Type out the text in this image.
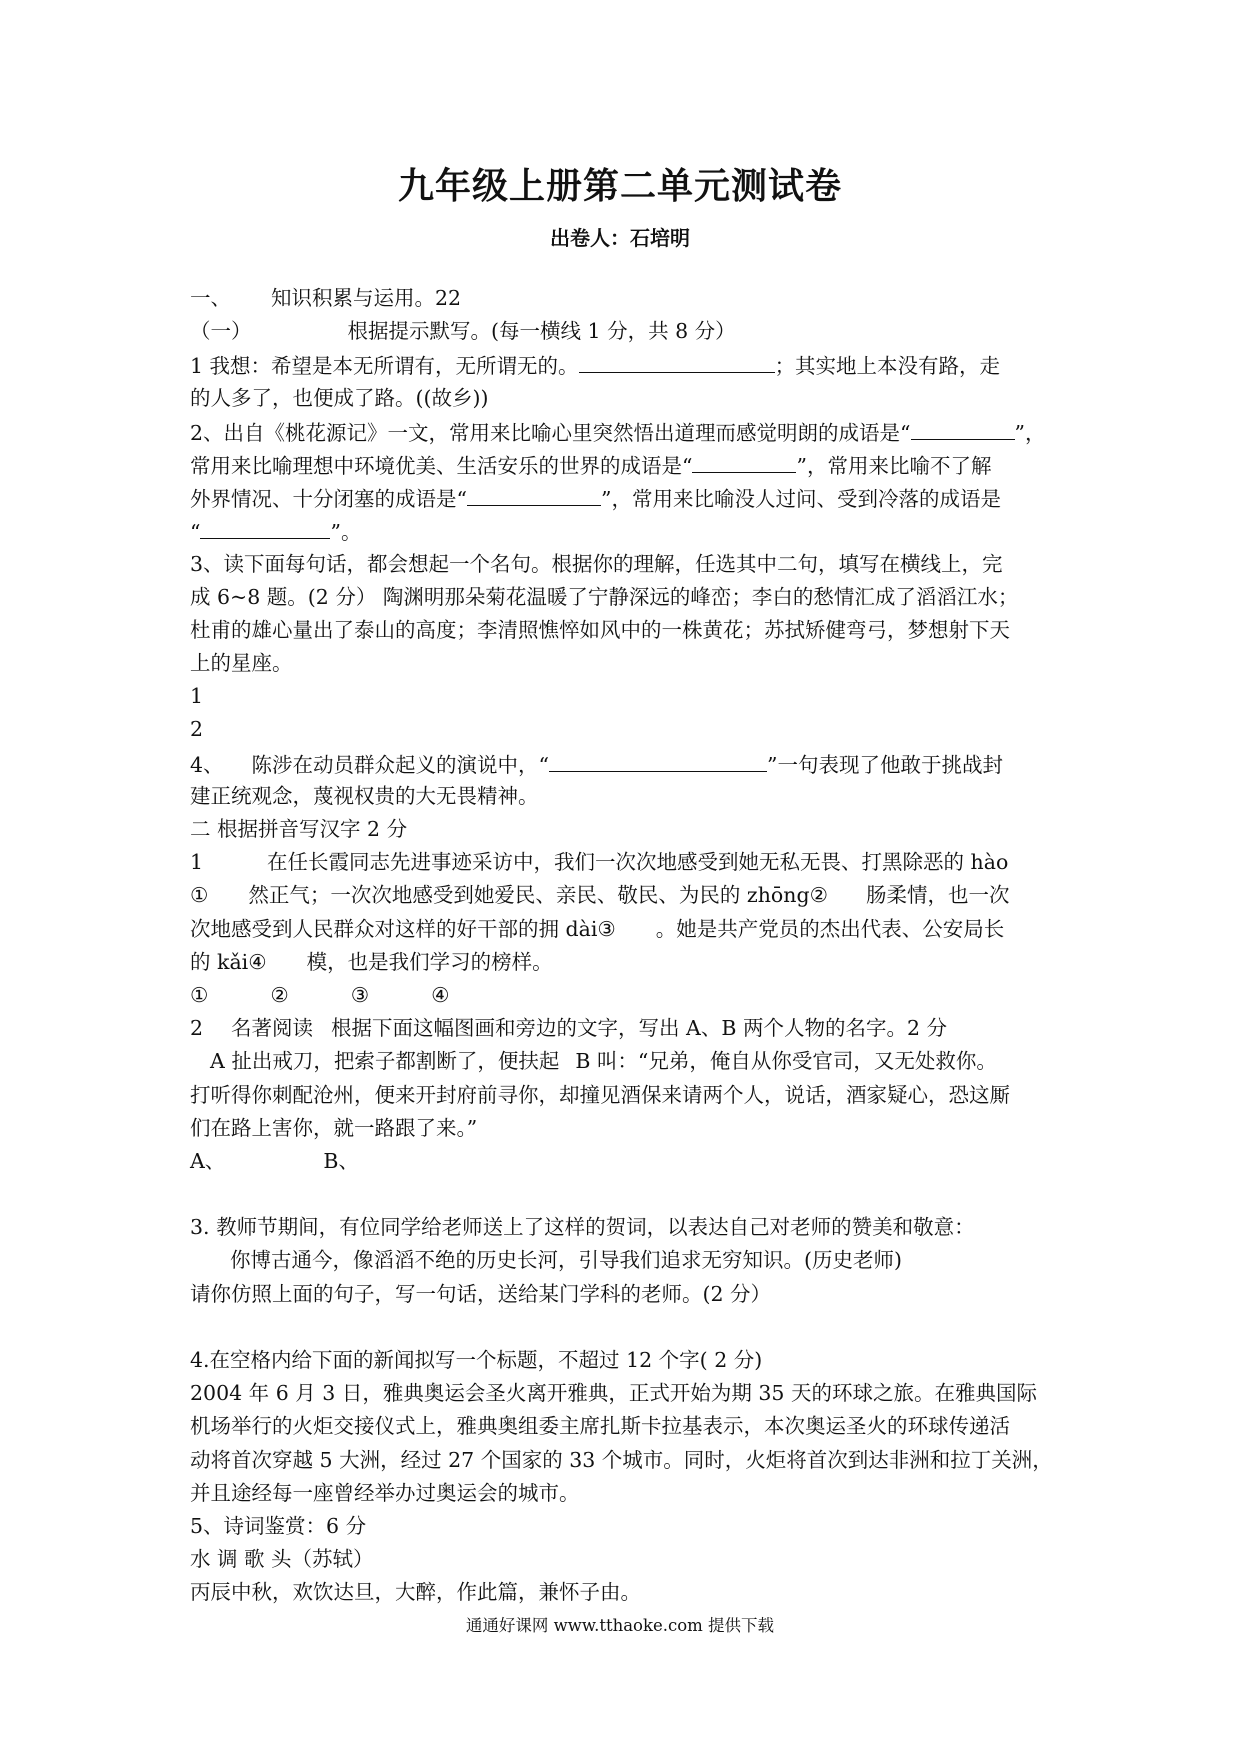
九年级上册第二单元测试卷
出卷人：石培明
一、 知识积累与运用。22
（一）	根据提示默写。(每一横线 1 分，共 8 分）
1 我想：希望是本无所谓有，无所谓无的。	；其实地上本没有路，走
的人多了，也便成了路。((故乡))
2、出自《桃花源记》一文，常用来比喻心里突然悟出道理而感觉明朗的成语是“	”，
常用来比喻理想中环境优美、生活安乐的世界的成语是“	”，常用来比喻不了解
外界情况、十分闭塞的成语是“	”，常用来比喻没人过问、受到冷落的成语是
“	”。
3、读下面每句话，都会想起一个名句。根据你的理解，任选其中二句，填写在横线上，完
成 6~8 题。(2 分） 陶渊明那朵菊花温暖了宁静深远的峰峦；李白的愁情汇成了滔滔江水；
杜甫的雄心量出了泰山的高度；李清照憔悴如风中的一株黄花；苏拭矫健弯弓，梦想射下天
上的星座。
1
2
4、 陈涉在动员群众起义的演说中，“	”一句表现了他敢于挑战封
建正统观念，蔑视权贵的大无畏精神。
二 根据拼音写汉字 2 分
1	在任长霞同志先进事迹采访中，我们一次次地感受到她无私无畏、打黑除恶的 hào
① 然正气；一次次地感受到她爱民、亲民、敬民、为民的 zhōng② 肠柔情，也一次
次地感受到人民群众对这样的好干部的拥 dài③ 。她是共产党员的杰出代表、公安局长
的 kǎi④ 模，也是我们学习的榜样。
①	②	③	④
2 名著阅读 根据下面这幅图画和旁边的文字，写出 A、B 两个人物的名字。2 分
A 扯出戒刀，把索子都割断了，便扶起 B 叫：“兄弟，俺自从你受官司，又无处救你。
打听得你刺配沧州，便来开封府前寻你，却撞见酒保来请两个人，说话，酒家疑心，恐这厮
们在路上害你，就一路跟了来。”
A、	B、
3. 教师节期间，有位同学给老师送上了这样的贺词，以表达自己对老师的赞美和敬意：
你博古通今，像滔滔不绝的历史长河，引导我们追求无穷知识。(历史老师)
请你仿照上面的句子，写一句话，送给某门学科的老师。(2 分）
4.在空格内给下面的新闻拟写一个标题，不超过 12 个字( 2 分)
2004 年 6 月 3 日，雅典奥运会圣火离开雅典，正式开始为期 35 天的环球之旅。在雅典国际
机场举行的火炬交接仪式上，雅典奥组委主席扎斯卡拉基表示，本次奥运圣火的环球传递活
动将首次穿越 5 大洲，经过 27 个国家的 33 个城市。同时，火炬将首次到达非洲和拉丁关洲，
并且途经每一座曾经举办过奥运会的城市。
5、诗词鉴赏：6 分
水 调 歌 头（苏轼）
丙辰中秋，欢饮达旦，大醉，作此篇，兼怀子由。
通通好课网 www.tthaoke.com 提供下载
